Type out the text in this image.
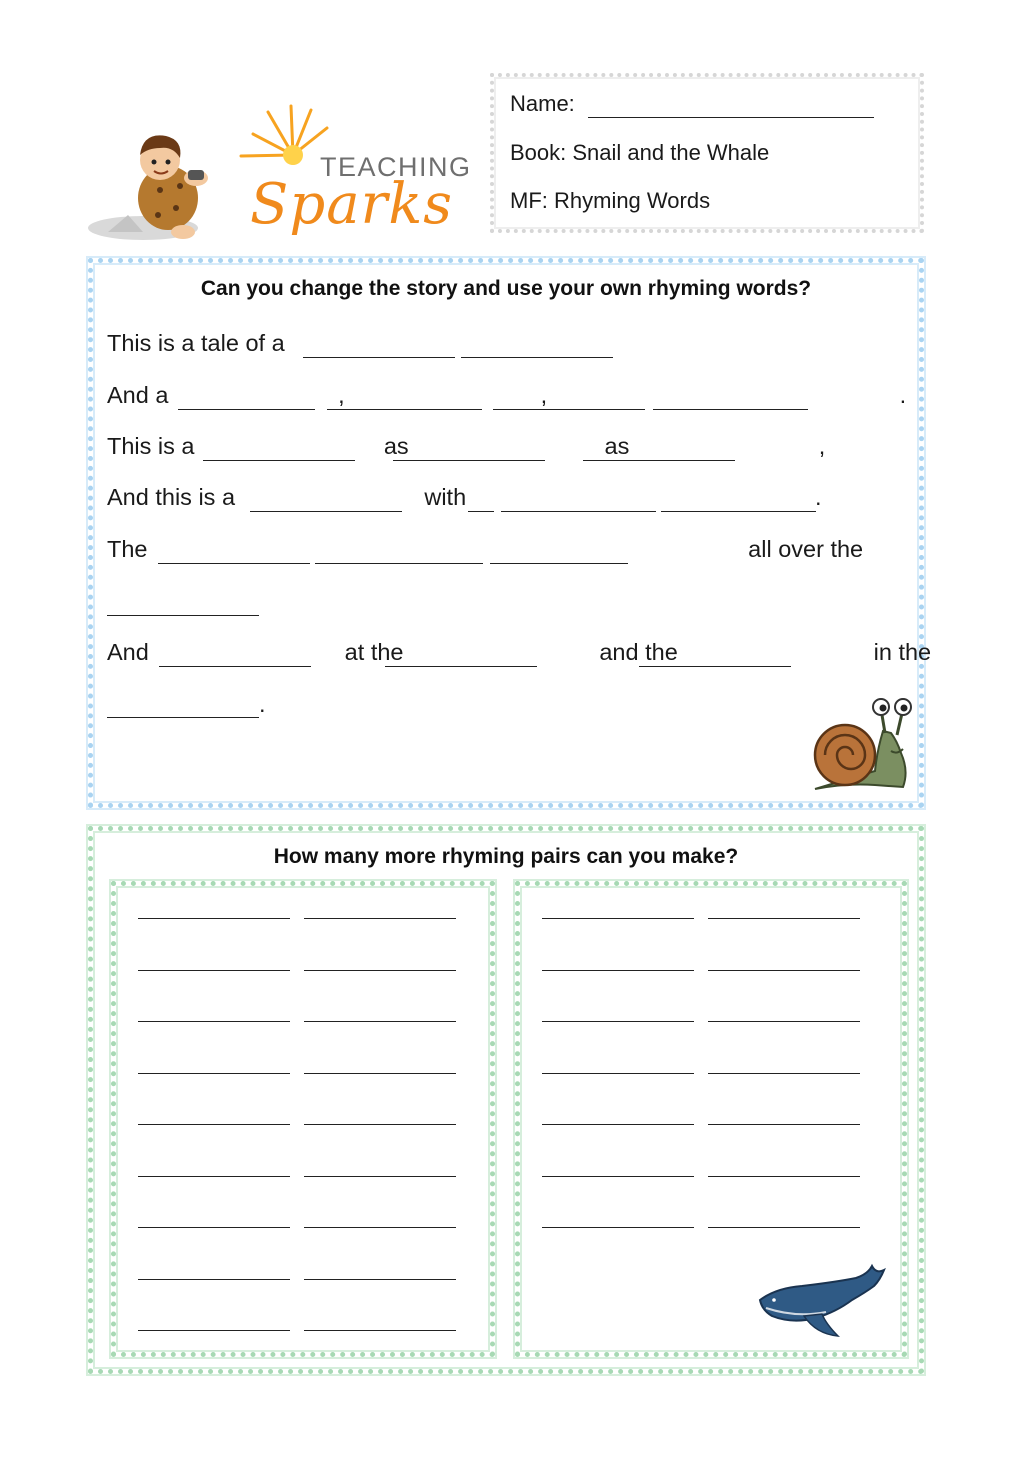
TEACHING
Sparks
Name:
Book: Snail and the Whale
MF: Rhyming Words
Can you change the story and use your own rhyming words?
This is a tale of a
And a                          ,                              ,                                                      .
This is a                             as                              as                             ,
And this is a                             with	.
The                                                                                            all over the
And                              at the                              and the                              in the
.
How many more rhyming pairs can you make?
